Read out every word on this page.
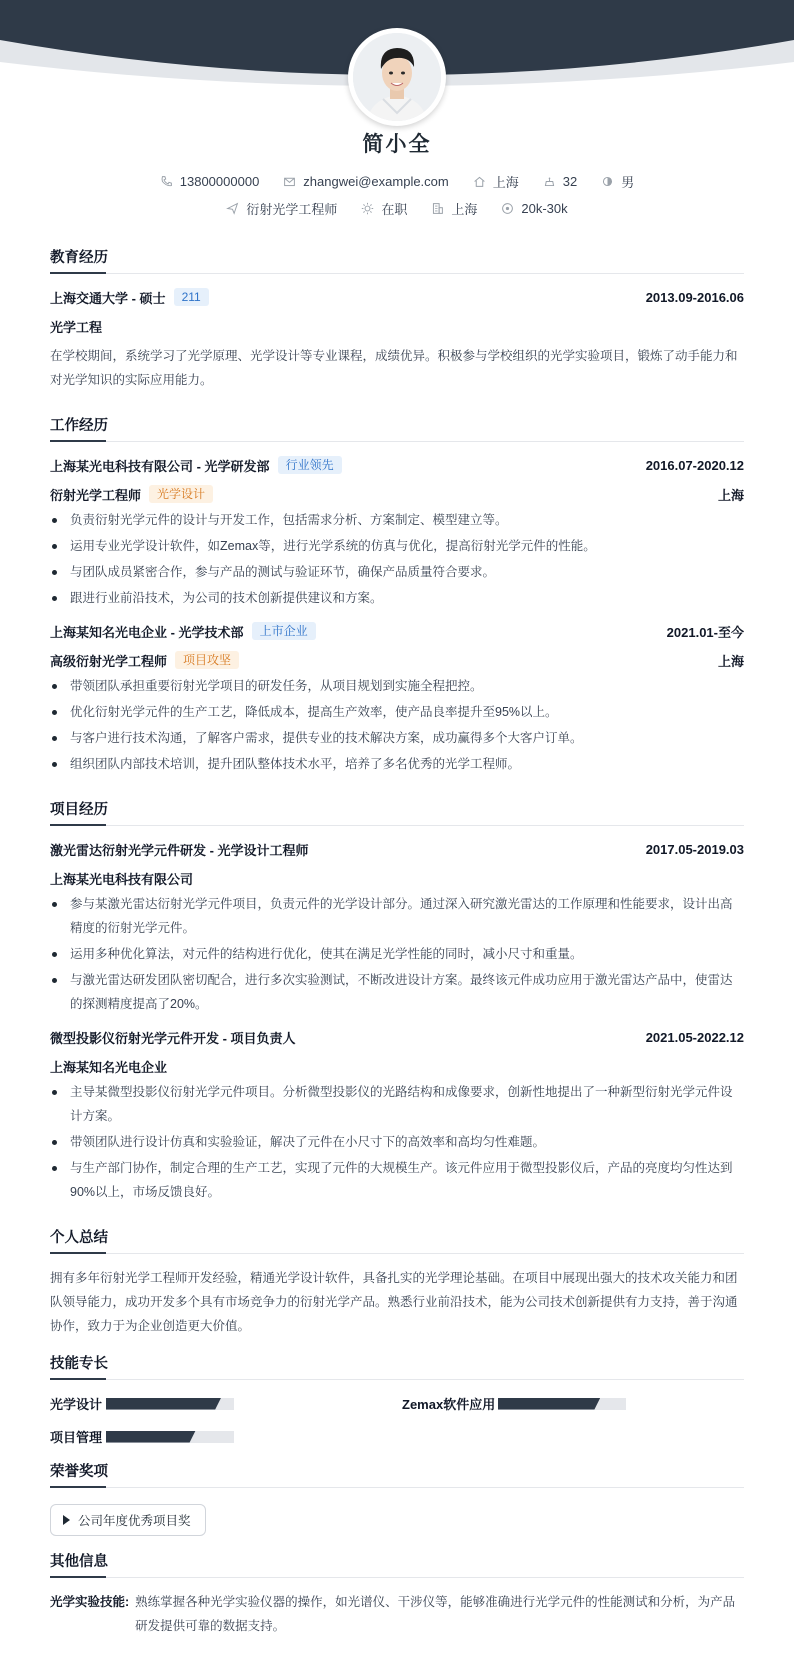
简小全
13800000000	zhangwei@example.com	上海	32	男
衍射光学工程师	在职	上海	20k-30k
教育经历
上海交通大学 - 硕士	211	2013.09-2016.06
光学工程
在学校期间，系统学习了光学原理、光学设计等专业课程，成绩优异。积极参与学校组织的光学实验项目，锻炼了动手能力和对光学知识的实际应用能力。
工作经历
上海某光电科技有限公司 - 光学研发部	行业领先	2016.07-2020.12
衍射光学工程师	光学设计	上海
负责衍射光学元件的设计与开发工作，包括需求分析、方案制定、模型建立等。
运用专业光学设计软件，如Zemax等，进行光学系统的仿真与优化，提高衍射光学元件的性能。
与团队成员紧密合作，参与产品的测试与验证环节，确保产品质量符合要求。
跟进行业前沿技术，为公司的技术创新提供建议和方案。
上海某知名光电企业 - 光学技术部	上市企业	2021.01-至今
高级衍射光学工程师	项目攻坚	上海
带领团队承担重要衍射光学项目的研发任务，从项目规划到实施全程把控。
优化衍射光学元件的生产工艺，降低成本，提高生产效率，使产品良率提升至95%以上。
与客户进行技术沟通，了解客户需求，提供专业的技术解决方案，成功赢得多个大客户订单。
组织团队内部技术培训，提升团队整体技术水平，培养了多名优秀的光学工程师。
项目经历
激光雷达衍射光学元件研发 - 光学设计工程师	2017.05-2019.03
上海某光电科技有限公司
参与某激光雷达衍射光学元件项目，负责元件的光学设计部分。通过深入研究激光雷达的工作原理和性能要求，设计出高精度的衍射光学元件。
运用多种优化算法，对元件的结构进行优化，使其在满足光学性能的同时，减小尺寸和重量。
与激光雷达研发团队密切配合，进行多次实验测试，不断改进设计方案。最终该元件成功应用于激光雷达产品中，使雷达的探测精度提高了20%。
微型投影仪衍射光学元件开发 - 项目负责人	2021.05-2022.12
上海某知名光电企业
主导某微型投影仪衍射光学元件项目。分析微型投影仪的光路结构和成像要求，创新性地提出了一种新型衍射光学元件设计方案。
带领团队进行设计仿真和实验验证，解决了元件在小尺寸下的高效率和高均匀性难题。
与生产部门协作，制定合理的生产工艺，实现了元件的大规模生产。该元件应用于微型投影仪后，产品的亮度均匀性达到90%以上，市场反馈良好。
个人总结
拥有多年衍射光学工程师开发经验，精通光学设计软件，具备扎实的光学理论基础。在项目中展现出强大的技术攻关能力和团队领导能力，成功开发多个具有市场竞争力的衍射光学产品。熟悉行业前沿技术，能为公司技术创新提供有力支持，善于沟通协作，致力于为企业创造更大价值。
技能专长
光学设计	Zemax软件应用
项目管理
荣誉奖项
公司年度优秀项目奖
其他信息
光学实验技能: 熟练掌握各种光学实验仪器的操作，如光谱仪、干涉仪等，能够准确进行光学元件的性能测试和分析，为产品研发提供可靠的数据支持。
